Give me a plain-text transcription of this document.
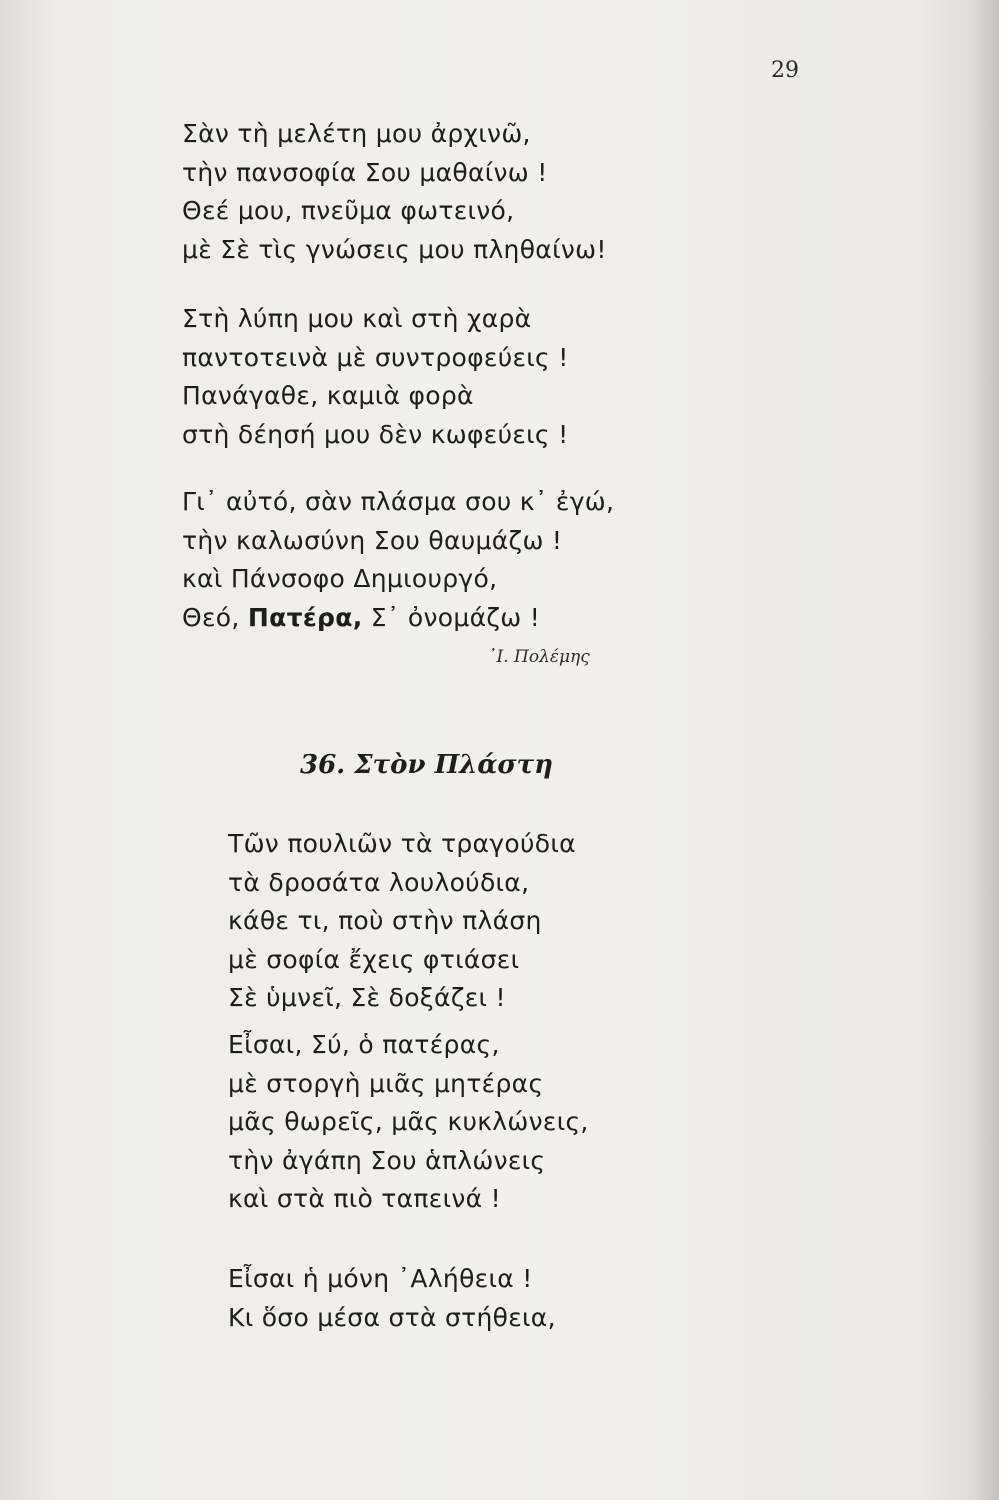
29
Σὰν τὴ μελέτη μου ἀρχινῶ,
τὴν πανσοφία Σου μαθαίνω !
Θεέ μου, πνεῦμα φωτεινό,
μὲ Σὲ τὶς γνώσεις μου πληθαίνω!
Στὴ λύπη μου καὶ στὴ χαρὰ
παντοτεινὰ μὲ συντροφεύεις !
Πανάγαθε, καμιὰ φορὰ
στὴ δέησή μου δὲν κωφεύεις !
Γι᾿ αὐτό, σὰν πλάσμα σου κ᾿ ἐγώ,
τὴν καλωσύνη Σου θαυμάζω !
καὶ Πάνσοφο Δημιουργό,
Θεό, Πατέρα, Σ᾿ ὀνομάζω !
᾿Ι. Πολέμης
36. Στὸν Πλάστη
Τῶν πουλιῶν τὰ τραγούδια
τὰ δροσάτα λουλούδια,
κάθε τι, ποὺ στὴν πλάση
μὲ σοφία ἔχεις φτιάσει
Σὲ ὑμνεῖ, Σὲ δοξάζει !
Εἶσαι, Σύ, ὁ πατέρας,
μὲ στοργὴ μιᾶς μητέρας
μᾶς θωρεῖς, μᾶς κυκλώνεις,
τὴν ἀγάπη Σου ἁπλώνεις
καὶ στὰ πιὸ ταπεινά !
Εἶσαι ἡ μόνη ᾿Αλήθεια !
Κι ὅσο μέσα στὰ στήθεια,
